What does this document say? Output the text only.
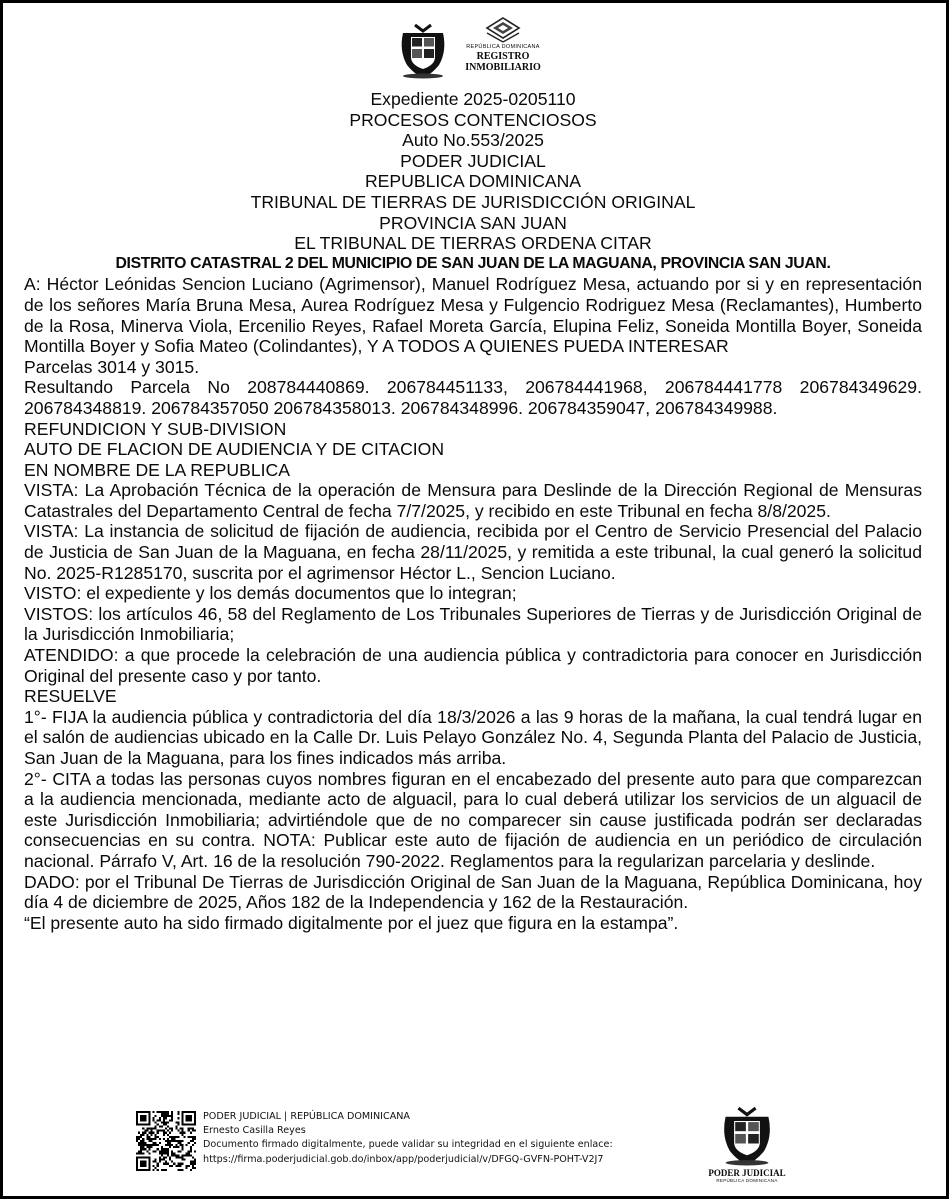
REPÚBLICA DOMINICANA
REGISTRO
INMOBILIARIO
Expediente 2025-0205110
PROCESOS CONTENCIOSOS
Auto No.553/2025
PODER JUDICIAL
REPUBLICA DOMINICANA
TRIBUNAL DE TIERRAS DE JURISDICCIÓN ORIGINAL
PROVINCIA SAN JUAN
EL TRIBUNAL DE TIERRAS ORDENA CITAR
DISTRITO CATASTRAL 2 DEL MUNICIPIO DE SAN JUAN DE LA MAGUANA, PROVINCIA SAN JUAN.
A: Héctor Leónidas Sencion Luciano (Agrimensor), Manuel Rodríguez Mesa, actuando por si y en representación de los señores María Bruna Mesa, Aurea Rodríguez Mesa y Fulgencio Rodriguez Mesa (Reclamantes), Humberto de la Rosa, Minerva Viola, Ercenilio Reyes, Rafael Moreta García, Elupina Feliz, Soneida Montilla Boyer, Soneida Montilla Boyer y Sofia Mateo (Colindantes), Y A TODOS A QUIENES PUEDA INTERESAR
Parcelas 3014 y 3015.
Resultando Parcela No 208784440869. 206784451133, 206784441968, 206784441778 206784349629. 206784348819. 206784357050 206784358013. 206784348996. 206784359047, 206784349988.
REFUNDICION Y SUB-DIVISION
AUTO DE FLACION DE AUDIENCIA Y DE CITACION
EN NOMBRE DE LA REPUBLICA
VISTA: La Aprobación Técnica de la operación de Mensura para Deslinde de la Dirección Regional de Mensuras Catastrales del Departamento Central de fecha 7/7/2025, y recibido en este Tribunal en fecha 8/8/2025.
VISTA: La instancia de solicitud de fijación de audiencia, recibida por el Centro de Servicio Presencial del Palacio de Justicia de San Juan de la Maguana, en fecha 28/11/2025, y remitida a este tribunal, la cual generó la solicitud No. 2025-R1285170, suscrita por el agrimensor Héctor L., Sencion Luciano.
VISTO: el expediente y los demás documentos que lo integran;
VISTOS: los artículos 46, 58 del Reglamento de Los Tribunales Superiores de Tierras y de Jurisdicción Original de la Jurisdicción Inmobiliaria;
ATENDIDO: a que procede la celebración de una audiencia pública y contradictoria para conocer en Jurisdicción Original del presente caso y por tanto.
RESUELVE
1°- FIJA la audiencia pública y contradictoria del día 18/3/2026 a las 9 horas de la mañana, la cual tendrá lugar en el salón de audiencias ubicado en la Calle Dr. Luis Pelayo González No. 4, Segunda Planta del Palacio de Justicia, San Juan de la Maguana, para los fines indicados más arriba.
2°- CITA a todas las personas cuyos nombres figuran en el encabezado del presente auto para que comparezcan a la audiencia mencionada, mediante acto de alguacil, para lo cual deberá utilizar los servicios de un alguacil de este Jurisdicción Inmobiliaria; advirtiéndole que de no comparecer sin cause justificada podrán ser declaradas consecuencias en su contra. NOTA: Publicar este auto de fijación de audiencia en un periódico de circulación nacional. Párrafo V, Art. 16 de la resolución 790-2022. Reglamentos para la regularizan parcelaria y deslinde.
DADO: por el Tribunal De Tierras de Jurisdicción Original de San Juan de la Maguana, República Dominicana, hoy día 4 de diciembre de 2025, Años 182 de la Independencia y 162 de la Restauración.
“El presente auto ha sido firmado digitalmente por el juez que figura en la estampa”.
PODER JUDICIAL | REPÚBLICA DOMINICANA
Ernesto Casilla Reyes
Documento firmado digitalmente, puede validar su integridad en el siguiente enlace:
https://firma.poderjudicial.gob.do/inbox/app/poderjudicial/v/DFGQ-GVFN-POHT-V2J7
PODER JUDICIAL
REPÚBLICA DOMINICANA
